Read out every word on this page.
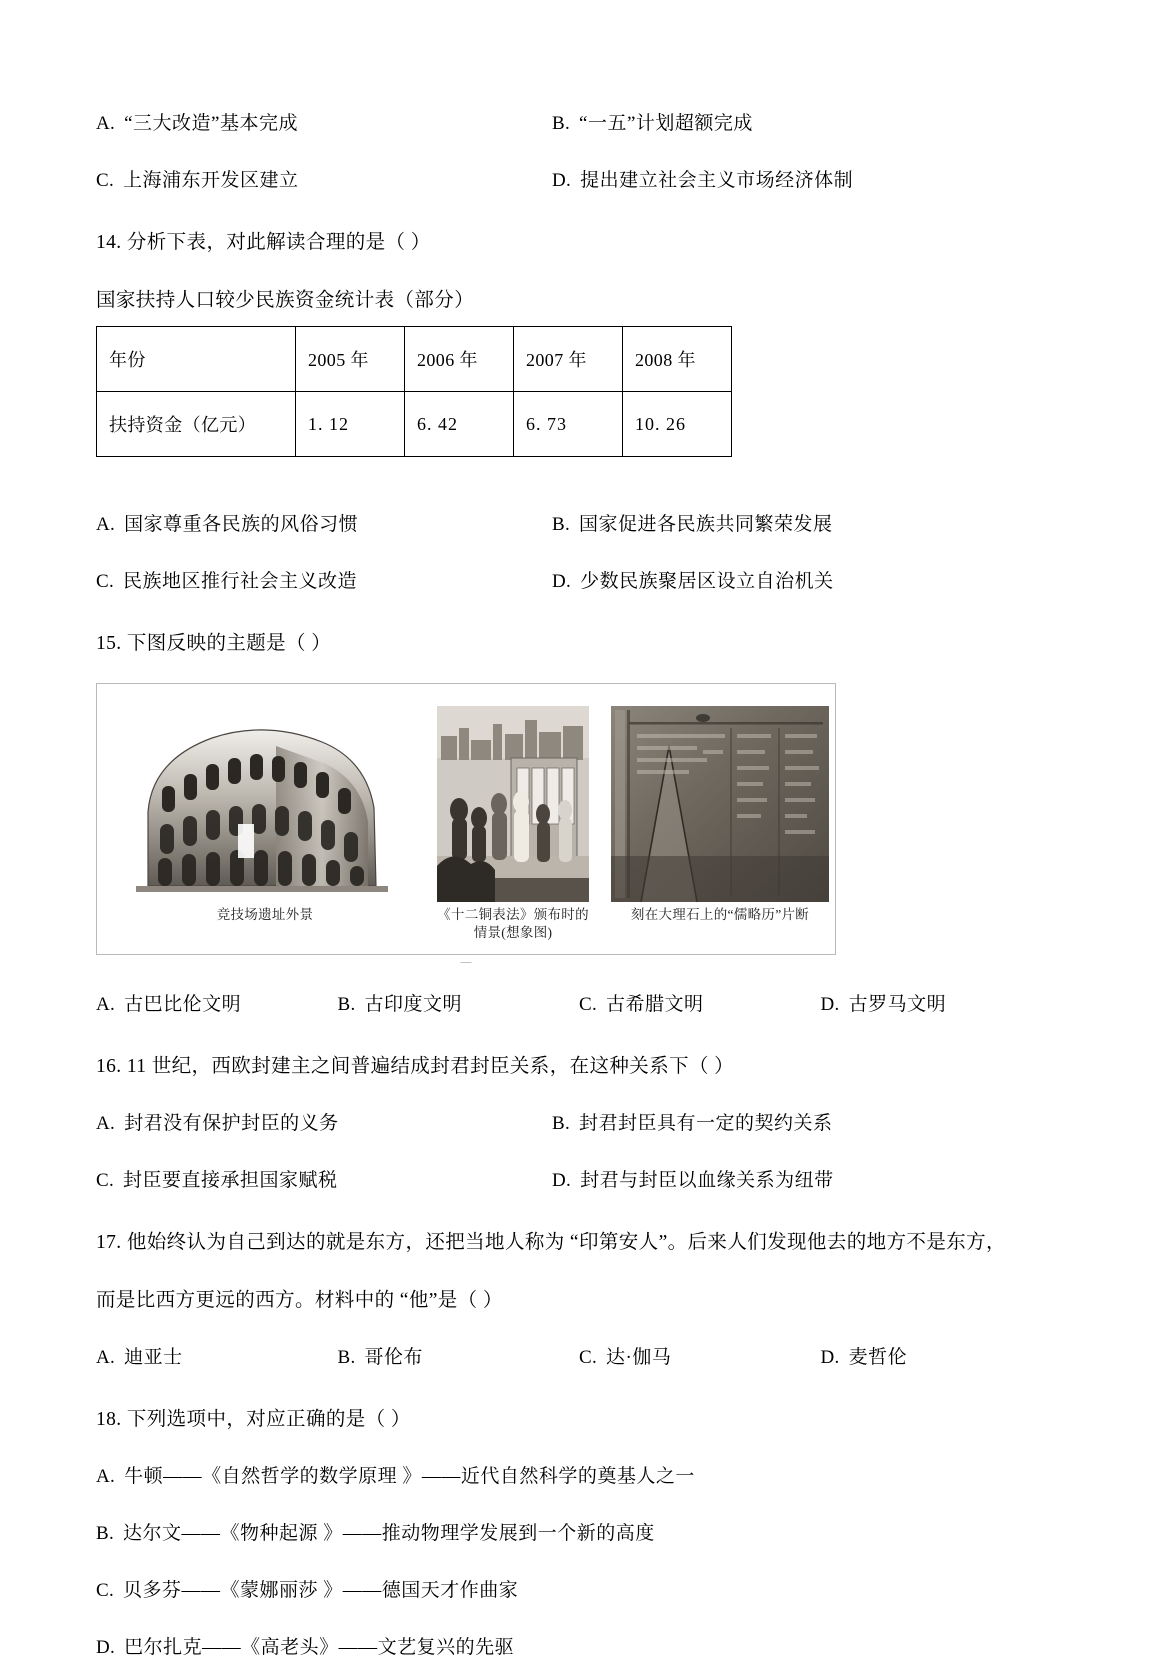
A. “三大改造”基本完成	B. “一五”计划超额完成
C. 上海浦东开发区建立	D. 提出建立社会主义市场经济体制
14. 分析下表，对此解读合理的是（ ）
国家扶持人口较少民族资金统计表（部分）
年份	2005 年	2006 年	2007 年	2008 年
扶持资金（亿元）	1. 12	6. 42	6. 73	10. 26
A. 国家尊重各民族的风俗习惯	B. 国家促进各民族共同繁荣发展
C. 民族地区推行社会主义改造	D. 少数民族聚居区设立自治机关
15. 下图反映的主题是（ ）
竞技场遗址外景	《十二铜表法》颁布时的
情景(想象图)
刻在大理石上的“儒略历”片断
—
A. 古巴比伦文明	B. 古印度文明	C. 古希腊文明	D. 古罗马文明
16. 11 世纪，西欧封建主之间普遍结成封君封臣关系，在这种关系下（ ）
A. 封君没有保护封臣的义务	B. 封君封臣具有一定的契约关系
C. 封臣要直接承担国家赋税	D. 封君与封臣以血缘关系为纽带
17. 他始终认为自己到达的就是东方，还把当地人称为 “印第安人”。后来人们发现他去的地方不是东方，
而是比西方更远的西方。材料中的 “他”是（ ）
A. 迪亚士	B. 哥伦布	C. 达·伽马	D. 麦哲伦
18. 下列选项中，对应正确的是（ ）
A. 牛顿——《自然哲学的数学原理 》——近代自然科学的奠基人之一
B. 达尔文——《物种起源 》——推动物理学发展到一个新的高度
C. 贝多芬——《蒙娜丽莎 》——德国天才作曲家
D. 巴尔扎克——《高老头》——文艺复兴的先驱
